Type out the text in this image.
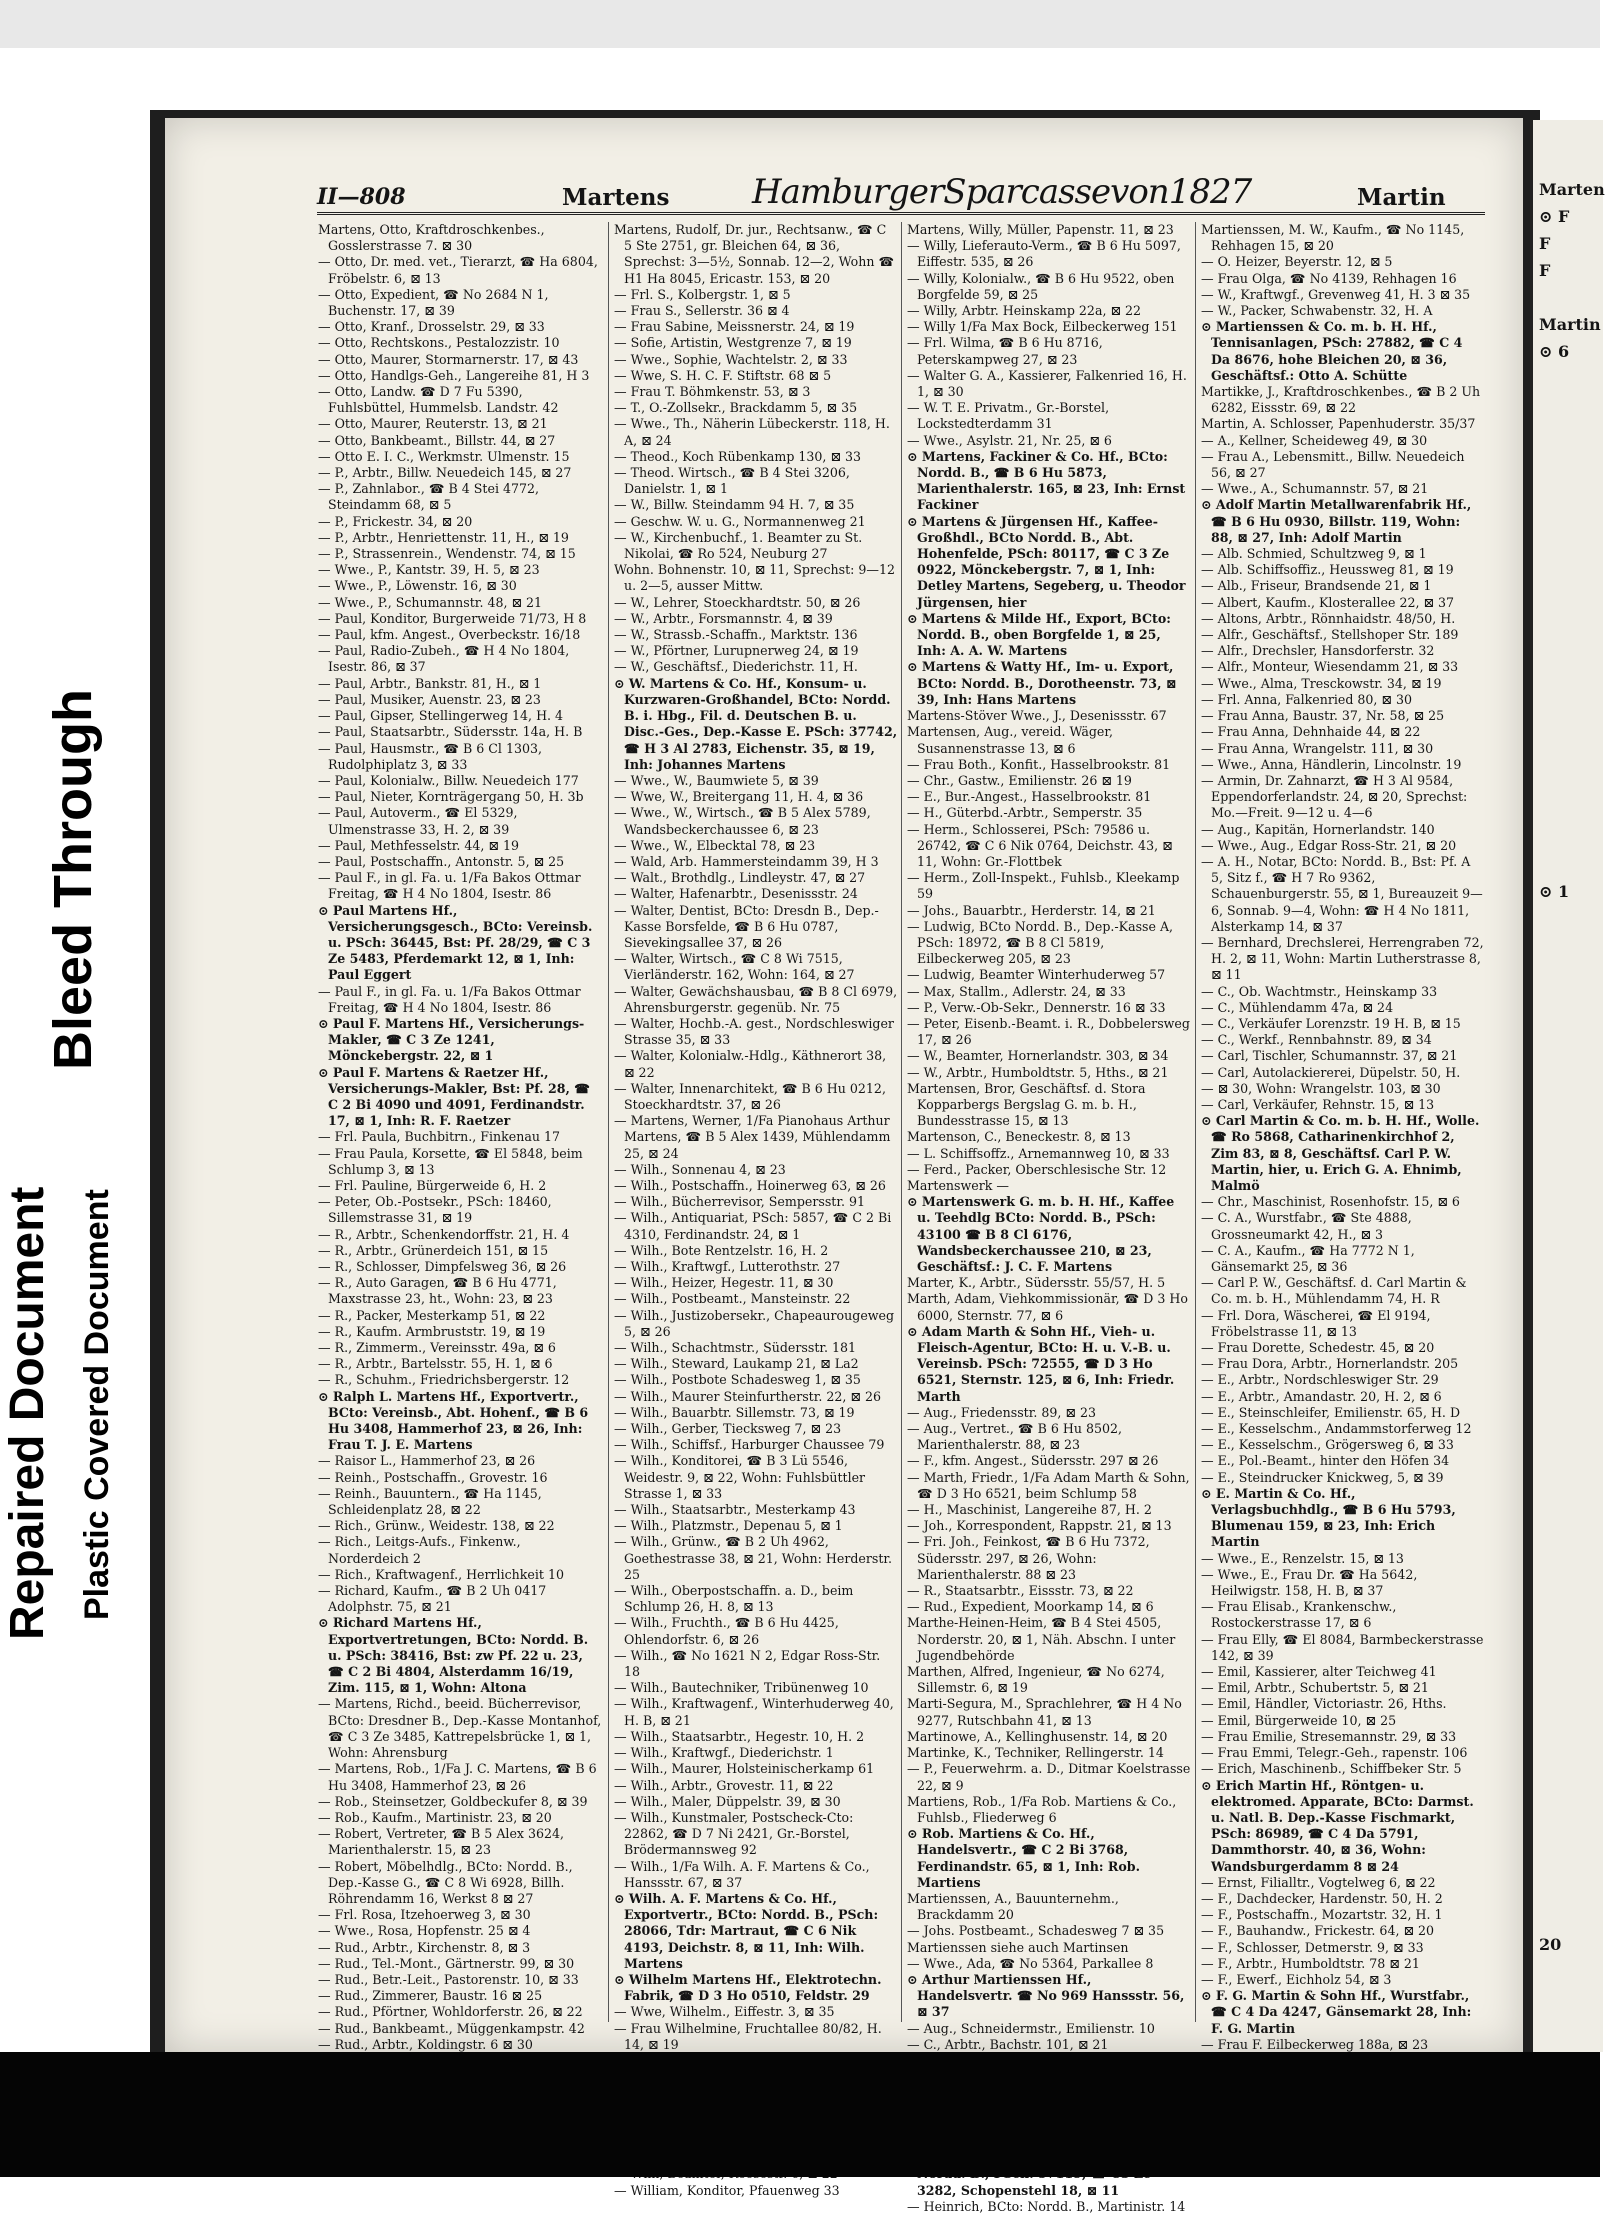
Bleed Through
Repaired Document Plastic Covered Document
Marten
⊙ F
F
F
Martin
⊙ 6
⊙ 1
20
II—808	Martens HamburgerSparcassevon1827	Martin
Martens, Otto, Kraftdroschkenbes., Gosslerstrasse 7. ⊠ 30
— Otto, Dr. med. vet., Tierarzt, ☎ Ha 6804, Fröbelstr. 6, ⊠ 13
— Otto, Expedient, ☎ No 2684 N 1, Buchenstr. 17, ⊠ 39
— Otto, Kranf., Drosselstr. 29, ⊠ 33
— Otto, Rechtskons., Pestalozzistr. 10
— Otto, Maurer, Stormarnerstr. 17, ⊠ 43
— Otto, Handlgs-Geh., Langereihe 81, H 3
— Otto, Landw. ☎ D 7 Fu 5390, Fuhlsbüttel, Hummelsb. Landstr. 42
— Otto, Maurer, Reuterstr. 13, ⊠ 21
— Otto, Bankbeamt., Billstr. 44, ⊠ 27
— Otto E. I. C., Werkmstr. Ulmenstr. 15
— P., Arbtr., Billw. Neuedeich 145, ⊠ 27
— P., Zahnlabor., ☎ B 4 Stei 4772, Steindamm 68, ⊠ 5
— P., Frickestr. 34, ⊠ 20
— P., Arbtr., Henriettenstr. 11, H., ⊠ 19
— P., Strassenrein., Wendenstr. 74, ⊠ 15
— Wwe., P., Kantstr. 39, H. 5, ⊠ 23
— Wwe., P., Löwenstr. 16, ⊠ 30
— Wwe., P., Schumannstr. 48, ⊠ 21
— Paul, Konditor, Burgerweide 71/73, H 8
— Paul, kfm. Angest., Overbeckstr. 16/18
— Paul, Radio-Zubeh., ☎ H 4 No 1804, Isestr. 86, ⊠ 37
— Paul, Arbtr., Bankstr. 81, H., ⊠ 1
— Paul, Musiker, Auenstr. 23, ⊠ 23
— Paul, Gipser, Stellingerweg 14, H. 4
— Paul, Staatsarbtr., Südersstr. 14a, H. B
— Paul, Hausmstr., ☎ B 6 Cl 1303, Rudolphiplatz 3, ⊠ 33
— Paul, Kolonialw., Billw. Neuedeich 177
— Paul, Nieter, Kornträgergang 50, H. 3b
— Paul, Autoverm., ☎ El 5329, Ulmenstrasse 33, H. 2, ⊠ 39
— Paul, Methfesselstr. 44, ⊠ 19
— Paul, Postschaffn., Antonstr. 5, ⊠ 25
— Paul F., in gl. Fa. u. 1/Fa Bakos Ottmar Freitag, ☎ H 4 No 1804, Isestr. 86
⊙ Paul Martens Hf., Versicherungsgesch., BCto: Vereinsb. u. PSch: 36445, Bst: Pf. 28/29, ☎ C 3 Ze 5483, Pferdemarkt 12, ⊠ 1, Inh: Paul Eggert
— Paul F., in gl. Fa. u. 1/Fa Bakos Ottmar Freitag, ☎ H 4 No 1804, Isestr. 86
⊙ Paul F. Martens Hf., Versicherungs-Makler, ☎ C 3 Ze 1241, Mönckebergstr. 22, ⊠ 1
⊙ Paul F. Martens & Raetzer Hf., Versicherungs-Makler, Bst: Pf. 28, ☎ C 2 Bi 4090 und 4091, Ferdinandstr. 17, ⊠ 1, Inh: R. F. Raetzer
— Frl. Paula, Buchbitrn., Finkenau 17
— Frau Paula, Korsette, ☎ El 5848, beim Schlump 3, ⊠ 13
— Frl. Pauline, Bürgerweide 6, H. 2
— Peter, Ob.-Postsekr., PSch: 18460, Sillemstrasse 31, ⊠ 19
— R., Arbtr., Schenkendorffstr. 21, H. 4
— R., Arbtr., Grünerdeich 151, ⊠ 15
— R., Schlosser, Dimpfelsweg 36, ⊠ 26
— R., Auto Garagen, ☎ B 6 Hu 4771, Maxstrasse 23, ht., Wohn: 23, ⊠ 23
— R., Packer, Mesterkamp 51, ⊠ 22
— R., Kaufm. Armbruststr. 19, ⊠ 19
— R., Zimmerm., Vereinsstr. 49a, ⊠ 6
— R., Arbtr., Bartelsstr. 55, H. 1, ⊠ 6
— R., Schuhm., Friedrichsbergerstr. 12
⊙ Ralph L. Martens Hf., Exportvertr., BCto: Vereinsb., Abt. Hohenf., ☎ B 6 Hu 3408, Hammerhof 23, ⊠ 26, Inh: Frau T. J. E. Martens
— Raisor L., Hammerhof 23, ⊠ 26
— Reinh., Postschaffn., Grovestr. 16
— Reinh., Bauuntern., ☎ Ha 1145, Schleidenplatz 28, ⊠ 22
— Rich., Grünw., Weidestr. 138, ⊠ 22
— Rich., Leitgs-Aufs., Finkenw., Norderdeich 2
— Rich., Kraftwagenf., Herrlichkeit 10
— Richard, Kaufm., ☎ B 2 Uh 0417 Adolphstr. 75, ⊠ 21
⊙ Richard Martens Hf., Exportvertretungen, BCto: Nordd. B. u. PSch: 38416, Bst: zw Pf. 22 u. 23, ☎ C 2 Bi 4804, Alsterdamm 16/19, Zim. 115, ⊠ 1, Wohn: Altona
— Martens, Richd., beeid. Bücherrevisor, BCto: Dresdner B., Dep.-Kasse Montanhof, ☎ C 3 Ze 3485, Kattrepelsbrücke 1, ⊠ 1, Wohn: Ahrensburg
— Martens, Rob., 1/Fa J. C. Martens, ☎ B 6 Hu 3408, Hammerhof 23, ⊠ 26
— Rob., Steinsetzer, Goldbeckufer 8, ⊠ 39
— Rob., Kaufm., Martinistr. 23, ⊠ 20
— Robert, Vertreter, ☎ B 5 Alex 3624, Marienthalerstr. 15, ⊠ 23
— Robert, Möbelhdlg., BCto: Nordd. B., Dep.-Kasse G., ☎ C 8 Wi 6928, Billh. Röhrendamm 16, Werkst 8 ⊠ 27
— Frl. Rosa, Itzehoerweg 3, ⊠ 30
— Wwe., Rosa, Hopfenstr. 25 ⊠ 4
— Rud., Arbtr., Kirchenstr. 8, ⊠ 3
— Rud., Tel.-Mont., Gärtnerstr. 99, ⊠ 30
— Rud., Betr.-Leit., Pastorenstr. 10, ⊠ 33
— Rud., Zimmerer, Baustr. 16 ⊠ 25
— Rud., Pförtner, Wohldorferstr. 26, ⊠ 22
— Rud., Bankbeamt., Müggenkampstr. 42
— Rud., Arbtr., Koldingstr. 6 ⊠ 30
Martens, Rudolf, Dr. jur., Rechtsanw., ☎ C 5 Ste 2751, gr. Bleichen 64, ⊠ 36, Sprechst: 3—5½, Sonnab. 12—2, Wohn ☎ H1 Ha 8045, Ericastr. 153, ⊠ 20
— Frl. S., Kolbergstr. 1, ⊠ 5
— Frau S., Sellerstr. 36 ⊠ 4
— Frau Sabine, Meissnerstr. 24, ⊠ 19
— Sofie, Artistin, Westgrenze 7, ⊠ 19
— Wwe., Sophie, Wachtelstr. 2, ⊠ 33
— Wwe, S. H. C. F. Stiftstr. 68 ⊠ 5
— Frau T. Böhmkenstr. 53, ⊠ 3
— T., O.-Zollsekr., Brackdamm 5, ⊠ 35
— Wwe., Th., Näherin Lübeckerstr. 118, H. A, ⊠ 24
— Theod., Koch Rübenkamp 130, ⊠ 33
— Theod. Wirtsch., ☎ B 4 Stei 3206, Danielstr. 1, ⊠ 1
— W., Billw. Steindamm 94 H. 7, ⊠ 35
— Geschw. W. u. G., Normannenweg 21
— W., Kirchenbuchf., 1. Beamter zu St. Nikolai, ☎ Ro 524, Neuburg 27
Wohn. Bohnenstr. 10, ⊠ 11, Sprechst: 9—12 u. 2—5, ausser Mittw.
— W., Lehrer, Stoeckhardtstr. 50, ⊠ 26
— W., Arbtr., Forsmannstr. 4, ⊠ 39
— W., Strassb.-Schaffn., Marktstr. 136
— W., Pförtner, Lurupnerweg 24, ⊠ 19
— W., Geschäftsf., Diederichstr. 11, H.
⊙ W. Martens & Co. Hf., Konsum- u. Kurzwaren-Großhandel, BCto: Nordd. B. i. Hbg., Fil. d. Deutschen B. u. Disc.-Ges., Dep.-Kasse E. PSch: 37742, ☎ H 3 Al 2783, Eichenstr. 35, ⊠ 19, Inh: Johannes Martens
— Wwe., W., Baumwiete 5, ⊠ 39
— Wwe, W., Breitergang 11, H. 4, ⊠ 36
— Wwe., W., Wirtsch., ☎ B 5 Alex 5789, Wandsbeckerchaussee 6, ⊠ 23
— Wwe., W., Elbecktal 78, ⊠ 23
— Wald, Arb. Hammersteindamm 39, H 3
— Walt., Brothdlg., Lindleystr. 47, ⊠ 27
— Walter, Hafenarbtr., Desenissstr. 24
— Walter, Dentist, BCto: Dresdn B., Dep.-Kasse Borsfelde, ☎ B 6 Hu 0787, Sievekingsallee 37, ⊠ 26
— Walter, Wirtsch., ☎ C 8 Wi 7515, Vierländerstr. 162, Wohn: 164, ⊠ 27
— Walter, Gewächshausbau, ☎ B 8 Cl 6979, Ahrensburgerstr. gegenüb. Nr. 75
— Walter, Hochb.-A. gest., Nordschleswiger Strasse 35, ⊠ 33
— Walter, Kolonialw.-Hdlg., Käthnerort 38, ⊠ 22
— Walter, Innenarchitekt, ☎ B 6 Hu 0212, Stoeckhardtstr. 37, ⊠ 26
— Martens, Werner, 1/Fa Pianohaus Arthur Martens, ☎ B 5 Alex 1439, Mühlendamm 25, ⊠ 24
— Wilh., Sonnenau 4, ⊠ 23
— Wilh., Postschaffn., Hoinerweg 63, ⊠ 26
— Wilh., Bücherrevisor, Sempersstr. 91
— Wilh., Antiquariat, PSch: 5857, ☎ C 2 Bi 4310, Ferdinandstr. 24, ⊠ 1
— Wilh., Bote Rentzelstr. 16, H. 2
— Wilh., Kraftwgf., Lutterothstr. 27
— Wilh., Heizer, Hegestr. 11, ⊠ 30
— Wilh., Postbeamt., Mansteinstr. 22
— Wilh., Justizobersekr., Chapeaurougeweg 5, ⊠ 26
— Wilh., Schachtmstr., Südersstr. 181
— Wilh., Steward, Laukamp 21, ⊠ La2
— Wilh., Postbote Schadesweg 1, ⊠ 35
— Wilh., Maurer Steinfurtherstr. 22, ⊠ 26
— Wilh., Bauarbtr. Sillemstr. 73, ⊠ 19
— Wilh., Gerber, Tiecksweg 7, ⊠ 23
— Wilh., Schiffsf., Harburger Chaussee 79
— Wilh., Konditorei, ☎ B 3 Lü 5546, Weidestr. 9, ⊠ 22, Wohn: Fuhlsbüttler Strasse 1, ⊠ 33
— Wilh., Staatsarbtr., Mesterkamp 43
— Wilh., Platzmstr., Depenau 5, ⊠ 1
— Wilh., Grünw., ☎ B 2 Uh 4962, Goethestrasse 38, ⊠ 21, Wohn: Herderstr. 25
— Wilh., Oberpostschaffn. a. D., beim Schlump 26, H. 8, ⊠ 13
— Wilh., Fruchth., ☎ B 6 Hu 4425, Ohlendorfstr. 6, ⊠ 26
— Wilh., ☎ No 1621 N 2, Edgar Ross-Str. 18
— Wilh., Bautechniker, Tribünenweg 10
— Wilh., Kraftwagenf., Winterhuderweg 40, H. B, ⊠ 21
— Wilh., Staatsarbtr., Hegestr. 10, H. 2
— Wilh., Kraftwgf., Diederichstr. 1
— Wilh., Maurer, Holsteinischerkamp 61
— Wilh., Arbtr., Grovestr. 11, ⊠ 22
— Wilh., Maler, Düppelstr. 39, ⊠ 30
— Wilh., Kunstmaler, Postscheck-Cto: 22862, ☎ D 7 Ni 2421, Gr.-Borstel, Brödermannsweg 92
— Wilh., 1/Fa Wilh. A. F. Martens & Co., Hanssstr. 67, ⊠ 37
⊙ Wilh. A. F. Martens & Co. Hf., Exportvertr., BCto: Nordd. B., PSch: 28066, Tdr: Martraut, ☎ C 6 Nik 4193, Deichstr. 8, ⊠ 11, Inh: Wilh. Martens
⊙ Wilhelm Martens Hf., Elektrotechn. Fabrik, ☎ D 3 Ho 0510, Feldstr. 29
— Wwe, Wilhelm., Eiffestr. 3, ⊠ 35
— Frau Wilhelmine, Fruchtallee 80/82, H. 14, ⊠ 19
— William, Konditor, Pfauenweg 33
Martens, Willy, Müller, Papenstr. 11, ⊠ 23
— Willy, Lieferauto-Verm., ☎ B 6 Hu 5097, Eiffestr. 535, ⊠ 26
— Willy, Kolonialw., ☎ B 6 Hu 9522, oben Borgfelde 59, ⊠ 25
— Willy, Arbtr. Heinskamp 22a, ⊠ 22
— Willy 1/Fa Max Bock, Eilbeckerweg 151
— Frl. Wilma, ☎ B 6 Hu 8716, Peterskampweg 27, ⊠ 23
— Walter G. A., Kassierer, Falkenried 16, H. 1, ⊠ 30
— W. T. E. Privatm., Gr.-Borstel, Lockstedterdamm 31
— Wwe., Asylstr. 21, Nr. 25, ⊠ 6
⊙ Martens, Fackiner & Co. Hf., BCto: Nordd. B., ☎ B 6 Hu 5873, Marienthalerstr. 165, ⊠ 23, Inh: Ernst Fackiner
⊙ Martens & Jürgensen Hf., Kaffee-Großhdl., BCto Nordd. B., Abt. Hohenfelde, PSch: 80117, ☎ C 3 Ze 0922, Mönckebergstr. 7, ⊠ 1, Inh: Detley Martens, Segeberg, u. Theodor Jürgensen, hier
⊙ Martens & Milde Hf., Export, BCto: Nordd. B., oben Borgfelde 1, ⊠ 25, Inh: A. A. W. Martens
⊙ Martens & Watty Hf., Im- u. Export, BCto: Nordd. B., Dorotheenstr. 73, ⊠ 39, Inh: Hans Martens
Martens-Stöver Wwe., J., Desenissstr. 67
Martensen, Aug., vereid. Wäger, Susannenstrasse 13, ⊠ 6
— Frau Both., Konfit., Hasselbrookstr. 81
— Chr., Gastw., Emilienstr. 26 ⊠ 19
— E., Bur.-Angest., Hasselbrookstr. 81
— H., Güterbd.-Arbtr., Semperstr. 35
— Herm., Schlosserei, PSch: 79586 u. 26742, ☎ C 6 Nik 0764, Deichstr. 43, ⊠ 11, Wohn: Gr.-Flottbek
— Herm., Zoll-Inspekt., Fuhlsb., Kleekamp 59
— Johs., Bauarbtr., Herderstr. 14, ⊠ 21
— Ludwig, BCto Nordd. B., Dep.-Kasse A, PSch: 18972, ☎ B 8 Cl 5819, Eilbeckerweg 205, ⊠ 23
— Ludwig, Beamter Winterhuderweg 57
— Max, Stallm., Adlerstr. 24, ⊠ 33
— P., Verw.-Ob-Sekr., Dennerstr. 16 ⊠ 33
— Peter, Eisenb.-Beamt. i. R., Dobbelersweg 17, ⊠ 26
— W., Beamter, Hornerlandstr. 303, ⊠ 34
— W., Arbtr., Humboldtstr. 5, Hths., ⊠ 21
Martensen, Bror, Geschäftsf. d. Stora Kopparbergs Bergslag G. m. b. H., Bundesstrasse 15, ⊠ 13
Martenson, C., Beneckestr. 8, ⊠ 13
— L. Schiffsoffz., Arnemannweg 10, ⊠ 33
— Ferd., Packer, Oberschlesische Str. 12
Martenswerk —
⊙ Martenswerk G. m. b. H. Hf., Kaffee u. Teehdlg BCto: Nordd. B., PSch: 43100 ☎ B 8 Cl 6176, Wandsbeckerchaussee 210, ⊠ 23, Geschäftsf.: J. C. F. Martens
Marter, K., Arbtr., Südersstr. 55/57, H. 5
Marth, Adam, Viehkommissionär, ☎ D 3 Ho 6000, Sternstr. 77, ⊠ 6
⊙ Adam Marth & Sohn Hf., Vieh- u. Fleisch-Agentur, BCto: H. u. V.-B. u. Vereinsb. PSch: 72555, ☎ D 3 Ho 6521, Sternstr. 125, ⊠ 6, Inh: Friedr. Marth
— Aug., Friedensstr. 89, ⊠ 23
— Aug., Vertret., ☎ B 6 Hu 8502, Marienthalerstr. 88, ⊠ 23
— F., kfm. Angest., Südersstr. 297 ⊠ 26
— Marth, Friedr., 1/Fa Adam Marth & Sohn, ☎ D 3 Ho 6521, beim Schlump 58
— H., Maschinist, Langereihe 87, H. 2
— Joh., Korrespondent, Rappstr. 21, ⊠ 13
— Fri. Joh., Feinkost, ☎ B 6 Hu 7372, Südersstr. 297, ⊠ 26, Wohn: Marienthalerstr. 88 ⊠ 23
— R., Staatsarbtr., Eissstr. 73, ⊠ 22
— Rud., Expedient, Moorkamp 14, ⊠ 6
Marthe-Heinen-Heim, ☎ B 4 Stei 4505, Norderstr. 20, ⊠ 1, Näh. Abschn. I unter Jugendbehörde
Marthen, Alfred, Ingenieur, ☎ No 6274, Sillemstr. 6, ⊠ 19
Marti-Segura, M., Sprachlehrer, ☎ H 4 No 9277, Rutschbahn 41, ⊠ 13
Martinowe, A., Kellinghusenstr. 14, ⊠ 20
Martinke, K., Techniker, Rellingerstr. 14
— P., Feuerwehrm. a. D., Ditmar Koelstrasse 22, ⊠ 9
Martiens, Rob., 1/Fa Rob. Martiens & Co., Fuhlsb., Fliederweg 6
⊙ Rob. Martiens & Co. Hf., Handelsvertr., ☎ C 2 Bi 3768, Ferdinandstr. 65, ⊠ 1, Inh: Rob. Martiens
Martienssen, A., Bauunternehm., Brackdamm 20
— Johs. Postbeamt., Schadesweg 7 ⊠ 35
Martienssen siehe auch Martinsen
— Wwe., Ada, ☎ No 5364, Parkallee 8
⊙ Arthur Martienssen Hf., Handelsvertr. ☎ No 969 Hanssstr. 56, ⊠ 37
— Aug., Schneidermstr., Emilienstr. 10
— C., Arbtr., Bachstr. 101, ⊠ 21
3282, Schopenstehl 18, ⊠ 11
— Heinrich, BCto: Nordd. B., Martinistr. 14
Martienssen, M. W., Kaufm., ☎ No 1145, Rehhagen 15, ⊠ 20
— O. Heizer, Beyerstr. 12, ⊠ 5
— Frau Olga, ☎ No 4139, Rehhagen 16
— W., Kraftwgf., Grevenweg 41, H. 3 ⊠ 35
— W., Packer, Schwabenstr. 32, H. A
⊙ Martienssen & Co. m. b. H. Hf., Tennisanlagen, PSch: 27882, ☎ C 4 Da 8676, hohe Bleichen 20, ⊠ 36, Geschäftsf.: Otto A. Schütte
Martikke, J., Kraftdroschkenbes., ☎ B 2 Uh 6282, Eissstr. 69, ⊠ 22
Martin, A. Schlosser, Papenhuderstr. 35/37
— A., Kellner, Scheideweg 49, ⊠ 30
— Frau A., Lebensmitt., Billw. Neuedeich 56, ⊠ 27
— Wwe., A., Schumannstr. 57, ⊠ 21
⊙ Adolf Martin Metallwarenfabrik Hf., ☎ B 6 Hu 0930, Billstr. 119, Wohn: 88, ⊠ 27, Inh: Adolf Martin
— Alb. Schmied, Schultzweg 9, ⊠ 1
— Alb. Schiffsoffiz., Heussweg 81, ⊠ 19
— Alb., Friseur, Brandsende 21, ⊠ 1
— Albert, Kaufm., Klosterallee 22, ⊠ 37
— Altons, Arbtr., Rönnhaidstr. 48/50, H.
— Alfr., Geschäftsf., Stellshoper Str. 189
— Alfr., Drechsler, Hansdorferstr. 32
— Alfr., Monteur, Wiesendamm 21, ⊠ 33
— Wwe., Alma, Tresckowstr. 34, ⊠ 19
— Frl. Anna, Falkenried 80, ⊠ 30
— Frau Anna, Baustr. 37, Nr. 58, ⊠ 25
— Frau Anna, Dehnhaide 44, ⊠ 22
— Frau Anna, Wrangelstr. 111, ⊠ 30
— Wwe., Anna, Händlerin, Lincolnstr. 19
— Armin, Dr. Zahnarzt, ☎ H 3 Al 9584, Eppendorferlandstr. 24, ⊠ 20, Sprechst: Mo.—Freit. 9—12 u. 4—6
— Aug., Kapitän, Hornerlandstr. 140
— Wwe., Aug., Edgar Ross-Str. 21, ⊠ 20
— A. H., Notar, BCto: Nordd. B., Bst: Pf. A 5, Sitz f., ☎ H 7 Ro 9362, Schauenburgerstr. 55, ⊠ 1, Bureauzeit 9—6, Sonnab. 9—4, Wohn: ☎ H 4 No 1811, Alsterkamp 14, ⊠ 37
— Bernhard, Drechslerei, Herrengraben 72, H. 2, ⊠ 11, Wohn: Martin Lutherstrasse 8, ⊠ 11
— C., Ob. Wachtmstr., Heinskamp 33
— C., Mühlendamm 47a, ⊠ 24
— C., Verkäufer Lorenzstr. 19 H. B, ⊠ 15
— C., Werkf., Rennbahnstr. 89, ⊠ 34
— Carl, Tischler, Schumannstr. 37, ⊠ 21
— Carl, Autolackiererei, Düpelstr. 50, H.
— ⊠ 30, Wohn: Wrangelstr. 103, ⊠ 30
— Carl, Verkäufer, Rehnstr. 15, ⊠ 13
⊙ Carl Martin & Co. m. b. H. Hf., Wolle. ☎ Ro 5868, Catharinenkirchhof 2, Zim 83, ⊠ 8, Geschäftsf. Carl P. W. Martin, hier, u. Erich G. A. Ehnimb, Malmö
— Chr., Maschinist, Rosenhofstr. 15, ⊠ 6
— C. A., Wurstfabr., ☎ Ste 4888, Grossneumarkt 42, H., ⊠ 3
— C. A., Kaufm., ☎ Ha 7772 N 1, Gänsemarkt 25, ⊠ 36
— Carl P. W., Geschäftsf. d. Carl Martin & Co. m. b. H., Mühlendamm 74, H. R
— Frl. Dora, Wäscherei, ☎ El 9194, Fröbelstrasse 11, ⊠ 13
— Frau Dorette, Schedestr. 45, ⊠ 20
— Frau Dora, Arbtr., Hornerlandstr. 205
— E., Arbtr., Nordschleswiger Str. 29
— E., Arbtr., Amandastr. 20, H. 2, ⊠ 6
— E., Steinschleifer, Emilienstr. 65, H. D
— E., Kesselschm., Andammstorferweg 12
— E., Kesselschm., Grögersweg 6, ⊠ 33
— E., Pol.-Beamt., hinter den Höfen 34
— E., Steindrucker Knickweg, 5, ⊠ 39
⊙ E. Martin & Co. Hf., Verlagsbuchhdlg., ☎ B 6 Hu 5793, Blumenau 159, ⊠ 23, Inh: Erich Martin
— Wwe., E., Renzelstr. 15, ⊠ 13
— Wwe., E., Frau Dr. ☎ Ha 5642, Heilwigstr. 158, H. B, ⊠ 37
— Frau Elisab., Krankenschw., Rostockerstrasse 17, ⊠ 6
— Frau Elly, ☎ El 8084, Barmbeckerstrasse 142, ⊠ 39
— Emil, Kassierer, alter Teichweg 41
— Emil, Arbtr., Schubertstr. 5, ⊠ 21
— Emil, Händler, Victoriastr. 26, Hths.
— Emil, Bürgerweide 10, ⊠ 25
— Frau Emilie, Stresemannstr. 29, ⊠ 33
— Frau Emmi, Telegr.-Geh., rapenstr. 106
— Erich, Maschinenb., Schiffbeker Str. 5
⊙ Erich Martin Hf., Röntgen- u. elektromed. Apparate, BCto: Darmst. u. Natl. B. Dep.-Kasse Fischmarkt, PSch: 86989, ☎ C 4 Da 5791, Dammthorstr. 40, ⊠ 36, Wohn: Wandsburgerdamm 8 ⊠ 24
— Ernst, Filialltr., Vogtelweg 6, ⊠ 22
— F., Dachdecker, Hardenstr. 50, H. 2
— F., Postschaffn., Mozartstr. 32, H. 1
— F., Bauhandw., Frickestr. 64, ⊠ 20
— F., Schlosser, Detmerstr. 9, ⊠ 33
— F., Arbtr., Humboldtstr. 78 ⊠ 21
— F., Ewerf., Eichholz 54, ⊠ 3
⊙ F. G. Martin & Sohn Hf., Wurstfabr., ☎ C 4 Da 4247, Gänsemarkt 28, Inh: F. G. Martin
— Frau F. Eilbeckerweg 188a, ⊠ 23
